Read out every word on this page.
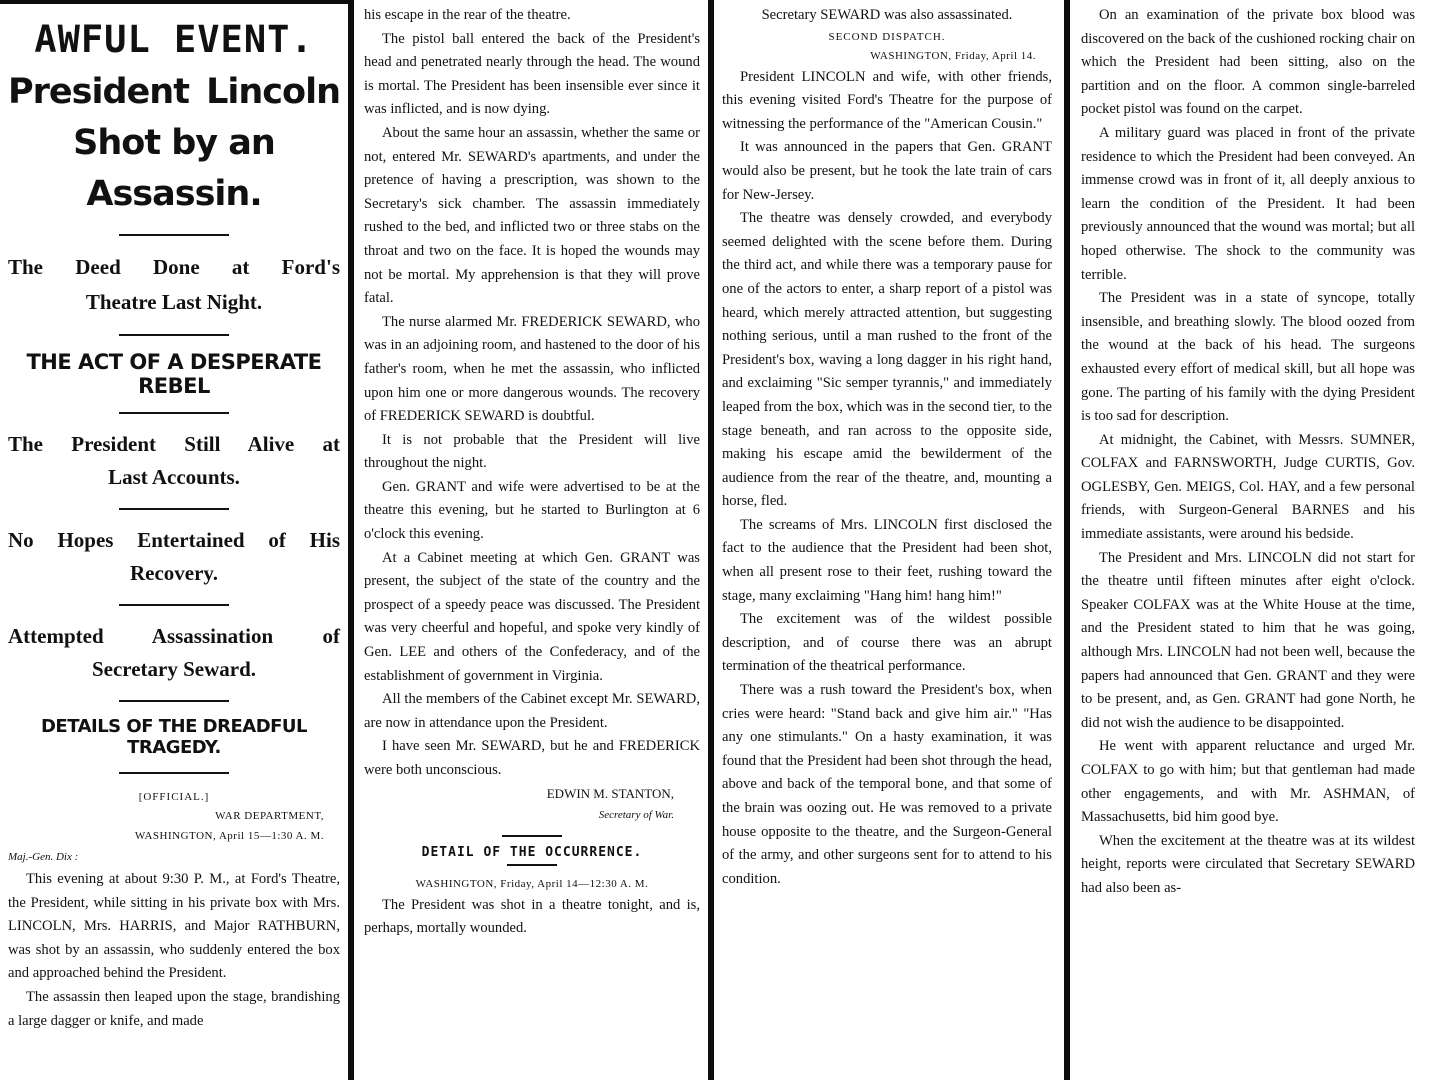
AWFUL EVENT.
President Lincoln
Shot by an
Assassin.
The Deed Done at Ford's
Theatre Last Night.
THE ACT OF A DESPERATE REBEL
The President Still Alive at
Last Accounts.
No Hopes Entertained of His
Recovery.
Attempted Assassination of
Secretary Seward.
DETAILS OF THE DREADFUL TRAGEDY.

[OFFICIAL.]

WAR DEPARTMENT,

WASHINGTON, April 15—1:30 A. M.

Maj.-Gen. Dix :

This evening at about 9:30 P. M., at Ford's Theatre, the President, while sitting in his private box with Mrs. LINCOLN, Mrs. HARRIS, and Major RATHBURN, was shot by an assassin, who suddenly entered the box and approached behind the President.

The assassin then leaped upon the stage, brandishing a large dagger or knife, and made

his escape in the rear of the theatre.

The pistol ball entered the back of the President's head and penetrated nearly through the head. The wound is mortal. The President has been insensible ever since it was inflicted, and is now dying.

About the same hour an assassin, whether the same or not, entered Mr. SEWARD's apartments, and under the pretence of having a prescription, was shown to the Secretary's sick chamber. The assassin immediately rushed to the bed, and inflicted two or three stabs on the throat and two on the face. It is hoped the wounds may not be mortal. My apprehension is that they will prove fatal.

The nurse alarmed Mr. FREDERICK SEWARD, who was in an adjoining room, and hastened to the door of his father's room, when he met the assassin, who inflicted upon him one or more dangerous wounds. The recovery of FREDERICK SEWARD is doubtful.

It is not probable that the President will live throughout the night.

Gen. GRANT and wife were advertised to be at the theatre this evening, but he started to Burlington at 6 o'clock this evening.

At a Cabinet meeting at which Gen. GRANT was present, the subject of the state of the country and the prospect of a speedy peace was discussed. The President was very cheerful and hopeful, and spoke very kindly of Gen. LEE and others of the Confederacy, and of the establishment of government in Virginia.

All the members of the Cabinet except Mr. SEWARD, are now in attendance upon the President.

I have seen Mr. SEWARD, but he and FREDERICK were both unconscious.

EDWIN M. STANTON,

Secretary of War.

DETAIL OF THE OCCURRENCE.

WASHINGTON, Friday, April 14—12:30 A. M.

The President was shot in a theatre tonight, and is, perhaps, mortally wounded.

Secretary SEWARD was also assassinated.

SECOND DISPATCH.

WASHINGTON, Friday, April 14.

President LINCOLN and wife, with other friends, this evening visited Ford's Theatre for the purpose of witnessing the performance of the "American Cousin."

It was announced in the papers that Gen. GRANT would also be present, but he took the late train of cars for New-Jersey.

The theatre was densely crowded, and everybody seemed delighted with the scene before them. During the third act, and while there was a temporary pause for one of the actors to enter, a sharp report of a pistol was heard, which merely attracted attention, but suggesting nothing serious, until a man rushed to the front of the President's box, waving a long dagger in his right hand, and exclaiming "Sic semper tyrannis," and immediately leaped from the box, which was in the second tier, to the stage beneath, and ran across to the opposite side, making his escape amid the bewilderment of the audience from the rear of the theatre, and, mounting a horse, fled.

The screams of Mrs. LINCOLN first disclosed the fact to the audience that the President had been shot, when all present rose to their feet, rushing toward the stage, many exclaiming "Hang him! hang him!"

The excitement was of the wildest possible description, and of course there was an abrupt termination of the theatrical performance.

There was a rush toward the President's box, when cries were heard: "Stand back and give him air." "Has any one stimulants." On a hasty examination, it was found that the President had been shot through the head, above and back of the temporal bone, and that some of the brain was oozing out. He was removed to a private house opposite to the theatre, and the Surgeon-General of the army, and other surgeons sent for to attend to his condition.

On an examination of the private box blood was discovered on the back of the cushioned rocking chair on which the President had been sitting, also on the partition and on the floor. A common single-barreled pocket pistol was found on the carpet.

A military guard was placed in front of the private residence to which the President had been conveyed. An immense crowd was in front of it, all deeply anxious to learn the condition of the President. It had been previously announced that the wound was mortal; but all hoped otherwise. The shock to the community was terrible.

The President was in a state of syncope, totally insensible, and breathing slowly. The blood oozed from the wound at the back of his head. The surgeons exhausted every effort of medical skill, but all hope was gone. The parting of his family with the dying President is too sad for description.

At midnight, the Cabinet, with Messrs. SUMNER, COLFAX and FARNSWORTH, Judge CURTIS, Gov. OGLESBY, Gen. MEIGS, Col. HAY, and a few personal friends, with Surgeon-General BARNES and his immediate assistants, were around his bedside.

The President and Mrs. LINCOLN did not start for the theatre until fifteen minutes after eight o'clock. Speaker COLFAX was at the White House at the time, and the President stated to him that he was going, although Mrs. LINCOLN had not been well, because the papers had announced that Gen. GRANT and they were to be present, and, as Gen. GRANT had gone North, he did not wish the audience to be disappointed.

He went with apparent reluctance and urged Mr. COLFAX to go with him; but that gentleman had made other engagements, and with Mr. ASHMAN, of Massachusetts, bid him good bye.

When the excitement at the theatre was at its wildest height, reports were circulated that Secretary SEWARD had also been as-
